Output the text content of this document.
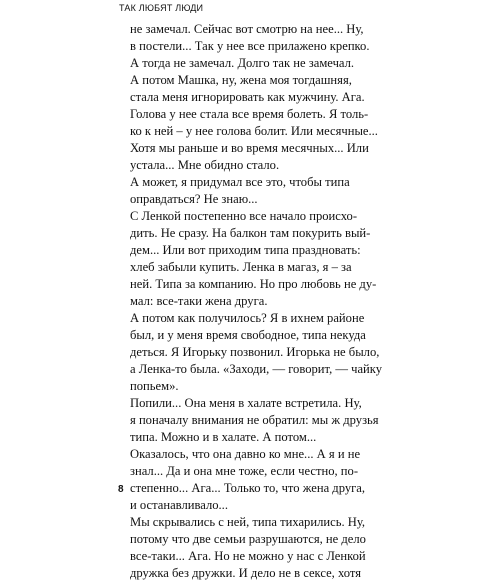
ТАК ЛЮБЯТ ЛЮДИ
не замечал. Сейчас вот смотрю на нее... Ну,
в постели... Так у нее все прилажено крепко.
А тогда не замечал. Долго так не замечал.
А потом Машка, ну, жена моя тогдашняя,
стала меня игнорировать как мужчину. Ага.
Голова у нее стала все время болеть. Я толь-
ко к ней – у нее голова болит. Или месячные...
Хотя мы раньше и во время месячных... Или
устала... Мне обидно стало.
А может, я придумал все это, чтобы типа
оправдаться? Не знаю...
С Ленкой постепенно все начало происхо-
дить. Не сразу. На балкон там покурить вый-
дем... Или вот приходим типа праздновать:
хлеб забыли купить. Ленка в магаз, я – за
ней. Типа за компанию. Но про любовь не ду-
мал: все-таки жена друга.
А потом как получилось? Я в ихнем районе
был, и у меня время свободное, типа некуда
деться. Я Игорьку позвонил. Игорька не было,
а Ленка-то была. «Заходи, — говорит, — чайку
попьем».
Попили... Она меня в халате встретила. Ну,
я поначалу внимания не обратил: мы ж друзья
типа. Можно и в халате. А потом...
Оказалось, что она давно ко мне... А я и не
знал... Да и она мне тоже, если честно, по-
степенно... Ага... Только то, что жена друга,
и останавливало...
Мы скрывались с ней, типа тихарились. Ну,
потому что две семьи разрушаются, не дело
все-таки... Ага. Но не можно у нас с Ленкой
дружка без дружки. И дело не в сексе, хотя
8
